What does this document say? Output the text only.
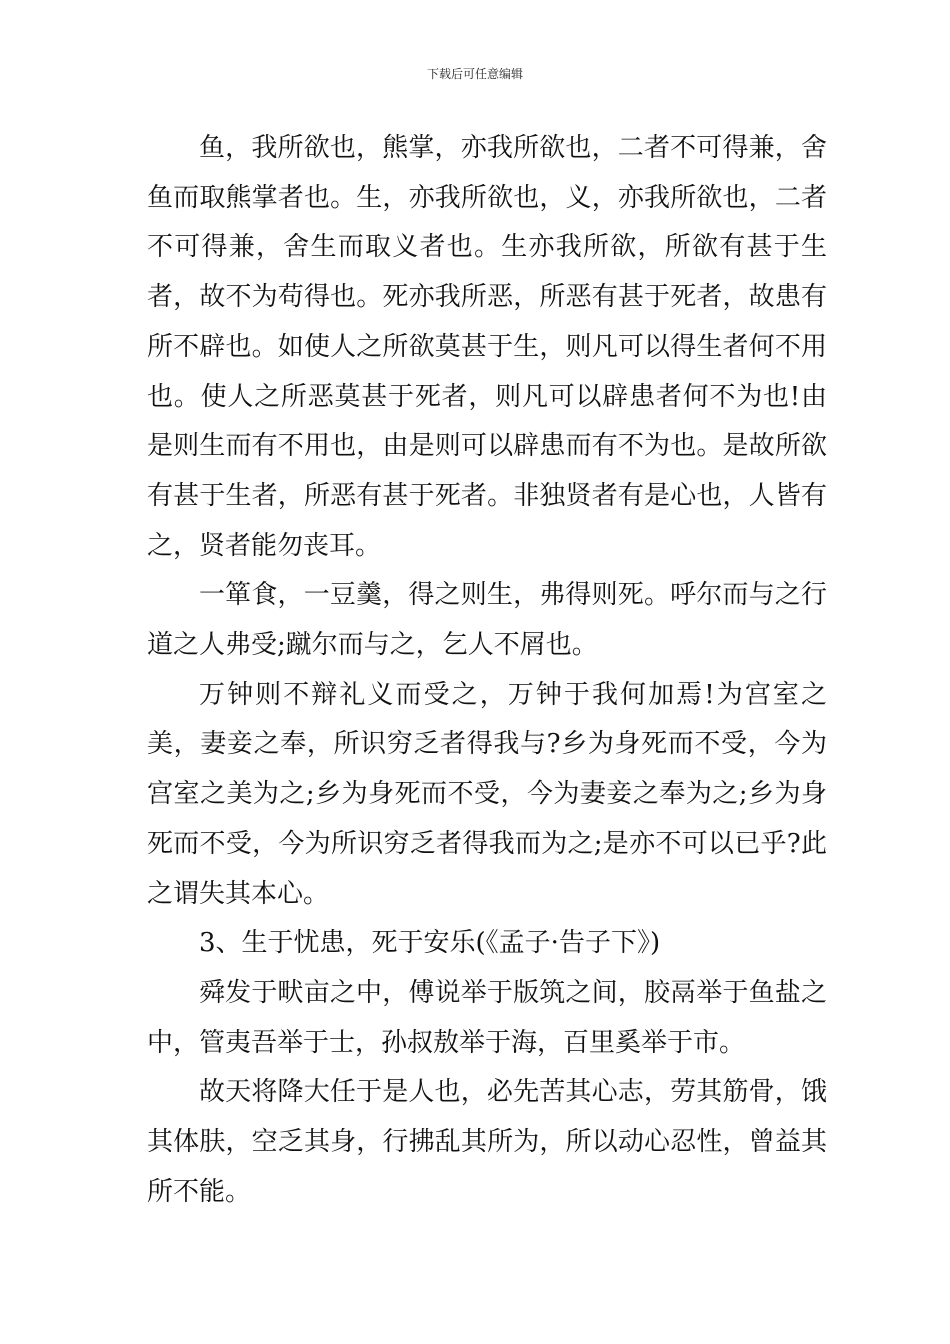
下载后可任意编辑

鱼，我所欲也，熊掌，亦我所欲也，二者不可得兼，舍鱼而取熊掌者也。生，亦我所欲也，义，亦我所欲也，二者不可得兼，舍生而取义者也。生亦我所欲，所欲有甚于生者，故不为苟得也。死亦我所恶，所恶有甚于死者，故患有所不辟也。如使人之所欲莫甚于生，则凡可以得生者何不用也。使人之所恶莫甚于死者，则凡可以辟患者何不为也!由是则生而有不用也，由是则可以辟患而有不为也。是故所欲有甚于生者，所恶有甚于死者。非独贤者有是心也，人皆有之，贤者能勿丧耳。

一箪食，一豆羹，得之则生，弗得则死。呼尔而与之行道之人弗受;蹴尔而与之，乞人不屑也。

万钟则不辩礼义而受之，万钟于我何加焉!为宫室之美，妻妾之奉，所识穷乏者得我与?乡为身死而不受，今为宫室之美为之;乡为身死而不受，今为妻妾之奉为之;乡为身死而不受，今为所识穷乏者得我而为之;是亦不可以已乎?此之谓失其本心。

3、生于忧患，死于安乐(《孟子·告子下》)

舜发于畎亩之中，傅说举于版筑之间，胶鬲举于鱼盐之中，管夷吾举于士，孙叔敖举于海，百里奚举于市。

故天将降大任于是人也，必先苦其心志，劳其筋骨，饿其体肤，空乏其身，行拂乱其所为，所以动心忍性，曾益其所不能。
